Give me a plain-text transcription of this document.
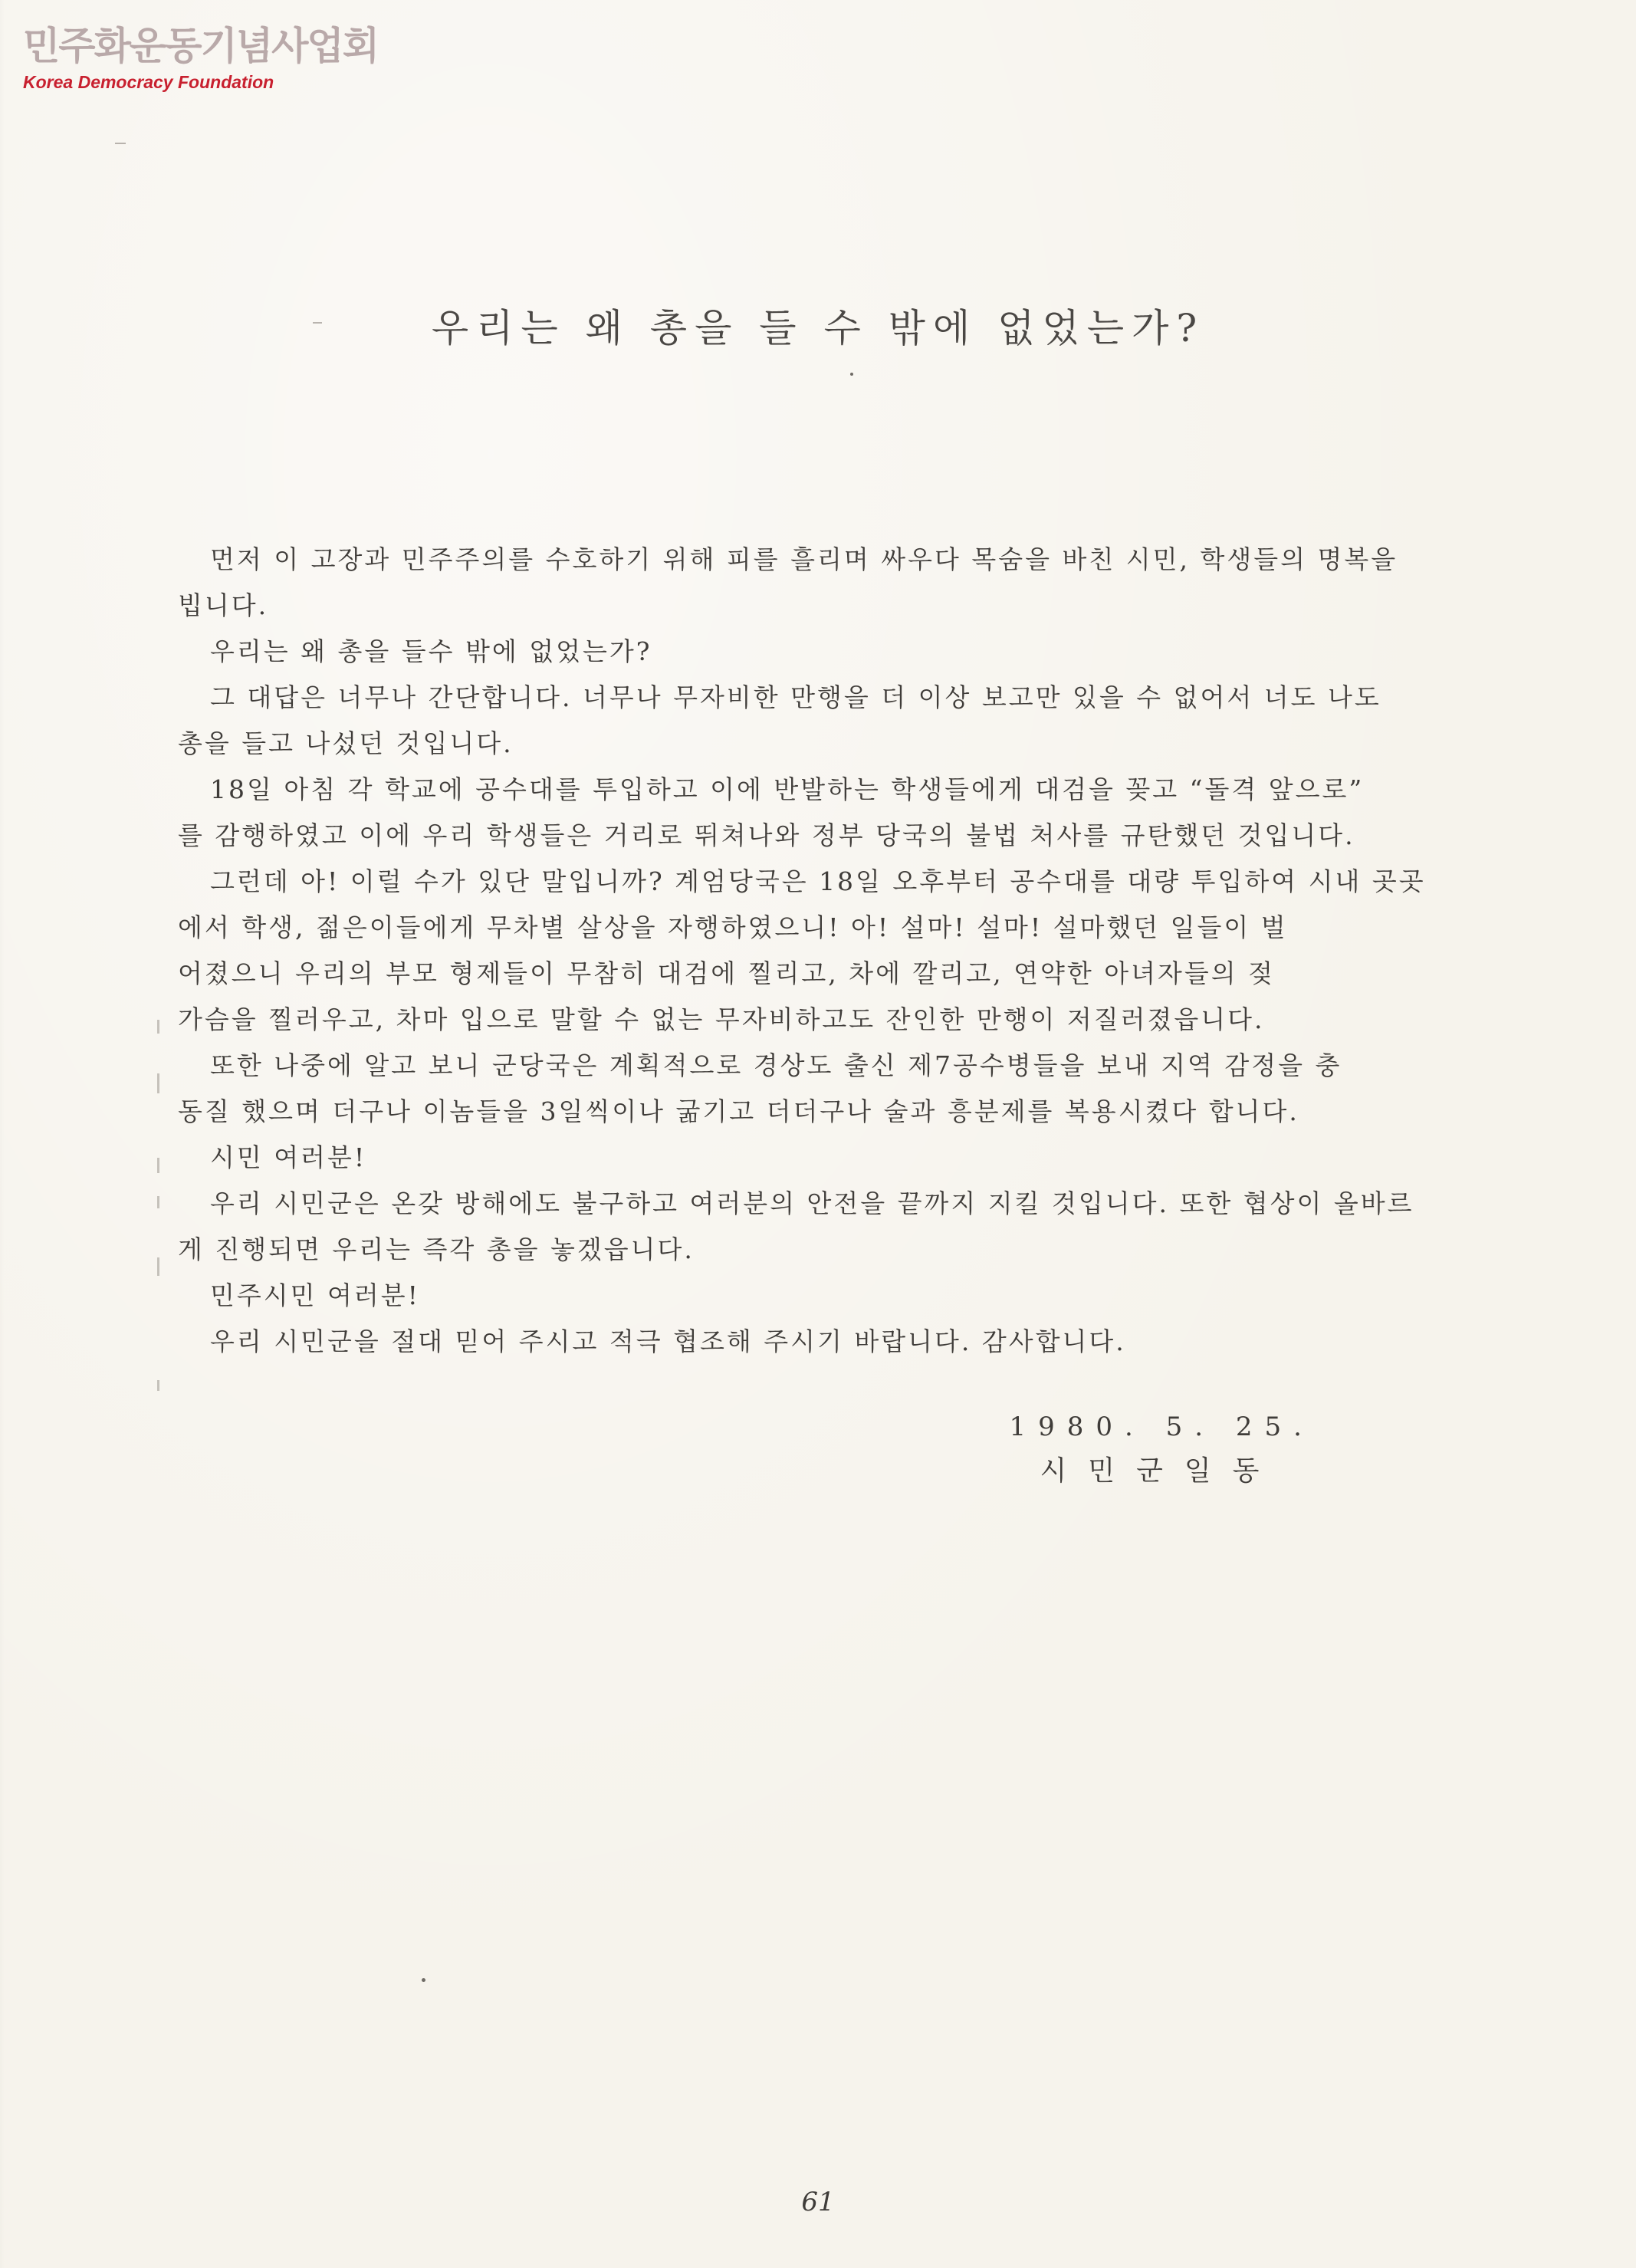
민주화운동기념사업회
Korea Democracy Foundation
우리는 왜 총을 들 수 밖에 없었는가?
먼저 이 고장과 민주주의를 수호하기 위해 피를 흘리며 싸우다 목숨을 바친 시민, 학생들의 명복을
빕니다.
우리는 왜 총을 들수 밖에 없었는가?
그 대답은 너무나 간단합니다. 너무나 무자비한 만행을 더 이상 보고만 있을 수 없어서 너도 나도
총을 들고 나섰던 것입니다.
18일 아침 각 학교에 공수대를 투입하고 이에 반발하는 학생들에게 대검을 꽂고 “돌격 앞으로”
를 감행하였고 이에 우리 학생들은 거리로 뛰쳐나와 정부 당국의 불법 처사를 규탄했던 것입니다.
그런데 아! 이럴 수가 있단 말입니까? 계엄당국은 18일 오후부터 공수대를 대량 투입하여 시내 곳곳
에서 학생, 젊은이들에게 무차별 살상을 자행하였으니! 아! 설마! 설마! 설마했던 일들이 벌
어졌으니 우리의 부모 형제들이 무참히 대검에 찔리고, 차에 깔리고, 연약한 아녀자들의 젖
가슴을 찔러우고, 차마 입으로 말할 수 없는 무자비하고도 잔인한 만행이 저질러졌읍니다.
또한 나중에 알고 보니 군당국은 계획적으로 경상도 출신 제7공수병들을 보내 지역 감정을 충
동질 했으며 더구나 이놈들을 3일씩이나 굶기고 더더구나 술과 흥분제를 복용시켰다 합니다.
시민 여러분!
우리 시민군은 온갖 방해에도 불구하고 여러분의 안전을 끝까지 지킬 것입니다. 또한 협상이 올바르
게 진행되면 우리는 즉각 총을 놓겠읍니다.
민주시민 여러분!
우리 시민군을 절대 믿어 주시고 적극 협조해 주시기 바랍니다. 감사합니다.
1980. 5. 25.
시민군일동
61
